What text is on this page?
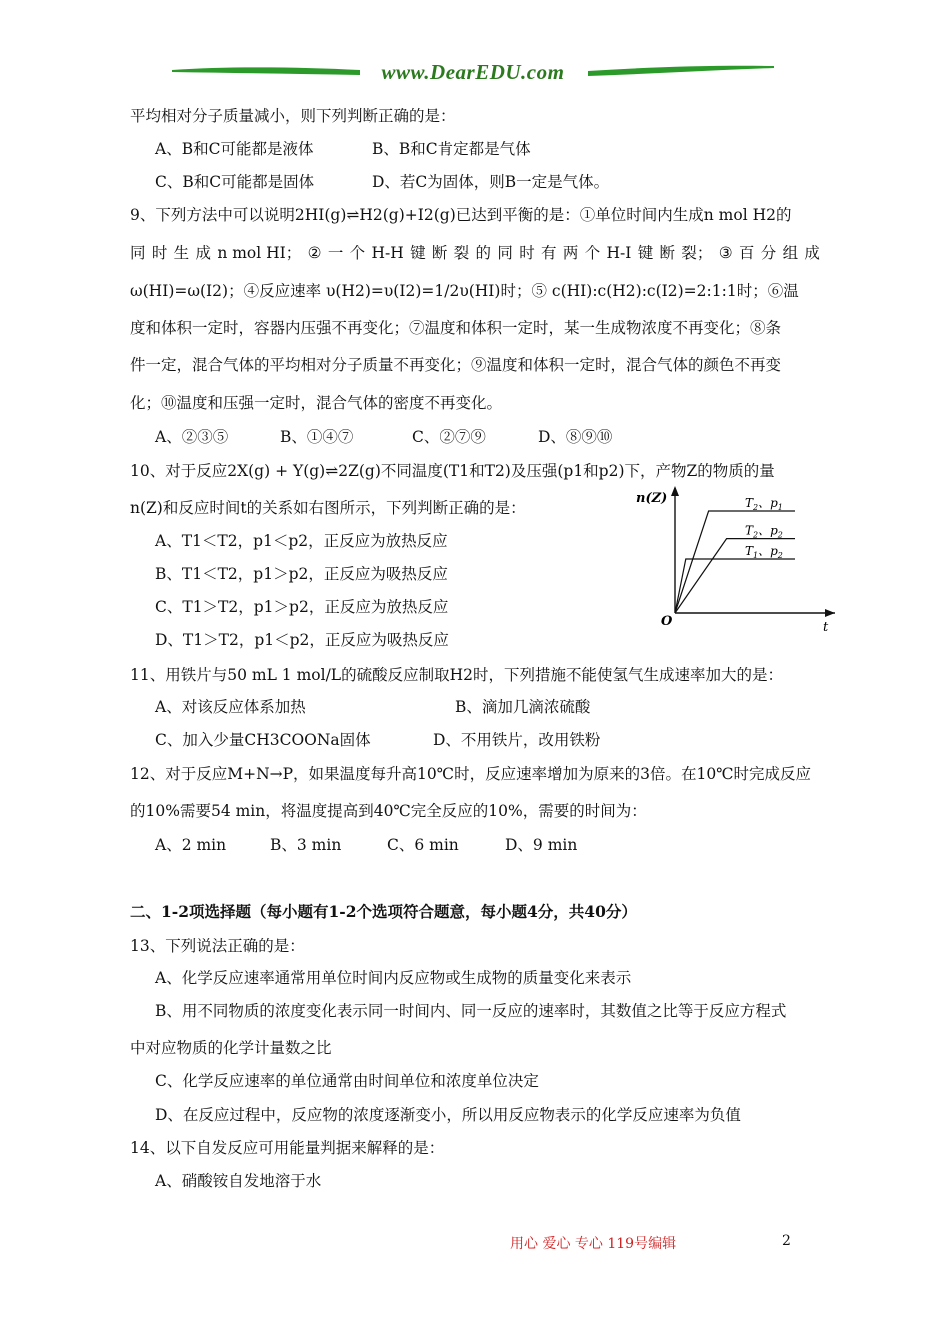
www.DearEDU.com
平均相对分子质量减小，则下列判断正确的是：
A、B和C可能都是液体	B、B和C肯定都是气体
C、B和C可能都是固体	D、若C为固体，则B一定是气体。
9、下列方法中可以说明2HI(g)⇌H2(g)+I2(g)已达到平衡的是：①单位时间内生成n mol H2的
同 时 生 成 n mol HI； ② 一 个 H-H 键 断 裂 的 同 时 有 两 个 H-I 键 断 裂； ③ 百 分 组 成
ω(HI)=ω(I2)；④反应速率 υ(H2)=υ(I2)=1/2υ(HI)时；⑤ c(HI):c(H2):c(I2)=2:1:1时；⑥温
度和体积一定时，容器内压强不再变化；⑦温度和体积一定时，某一生成物浓度不再变化；⑧条
件一定，混合气体的平均相对分子质量不再变化；⑨温度和体积一定时，混合气体的颜色不再变
化；⑩温度和压强一定时，混合气体的密度不再变化。
A、②③⑤	B、①④⑦	C、②⑦⑨	D、⑧⑨⑩
10、对于反应2X(g) + Y(g)⇌2Z(g)不同温度(T1和T2)及压强(p1和p2)下，产物Z的物质的量
n(Z)和反应时间t的关系如右图所示，下列判断正确的是：
A、T1＜T2，p1＜p2，正反应为放热反应
B、T1＜T2，p1＞p2，正反应为吸热反应
C、T1＞T2，p1＞p2，正反应为放热反应
D、T1＞T2，p1＜p2，正反应为吸热反应
n(Z)
t
O
$T_2$、$p_1$
$T_2$、$p_2$
$T_1$、$p_2$
11、用铁片与50 mL 1 mol/L的硫酸反应制取H2时，下列措施不能使氢气生成速率加大的是：
A、对该反应体系加热	B、滴加几滴浓硫酸
C、加入少量CH3COONa固体	D、不用铁片，改用铁粉
12、对于反应M+N→P，如果温度每升高10℃时，反应速率增加为原来的3倍。在10℃时完成反应
的10%需要54 min，将温度提高到40℃完全反应的10%，需要的时间为：
A、2 min	B、3 min	C、6 min	D、9 min
二、1-2项选择题（每小题有1-2个选项符合题意，每小题4分，共40分）
13、下列说法正确的是：
A、化学反应速率通常用单位时间内反应物或生成物的质量变化来表示
B、用不同物质的浓度变化表示同一时间内、同一反应的速率时，其数值之比等于反应方程式
中对应物质的化学计量数之比
C、化学反应速率的单位通常由时间单位和浓度单位决定
D、在反应过程中，反应物的浓度逐渐变小，所以用反应物表示的化学反应速率为负值
14、以下自发反应可用能量判据来解释的是：
A、硝酸铵自发地溶于水
用心 爱心 专心 119号编辑	2
